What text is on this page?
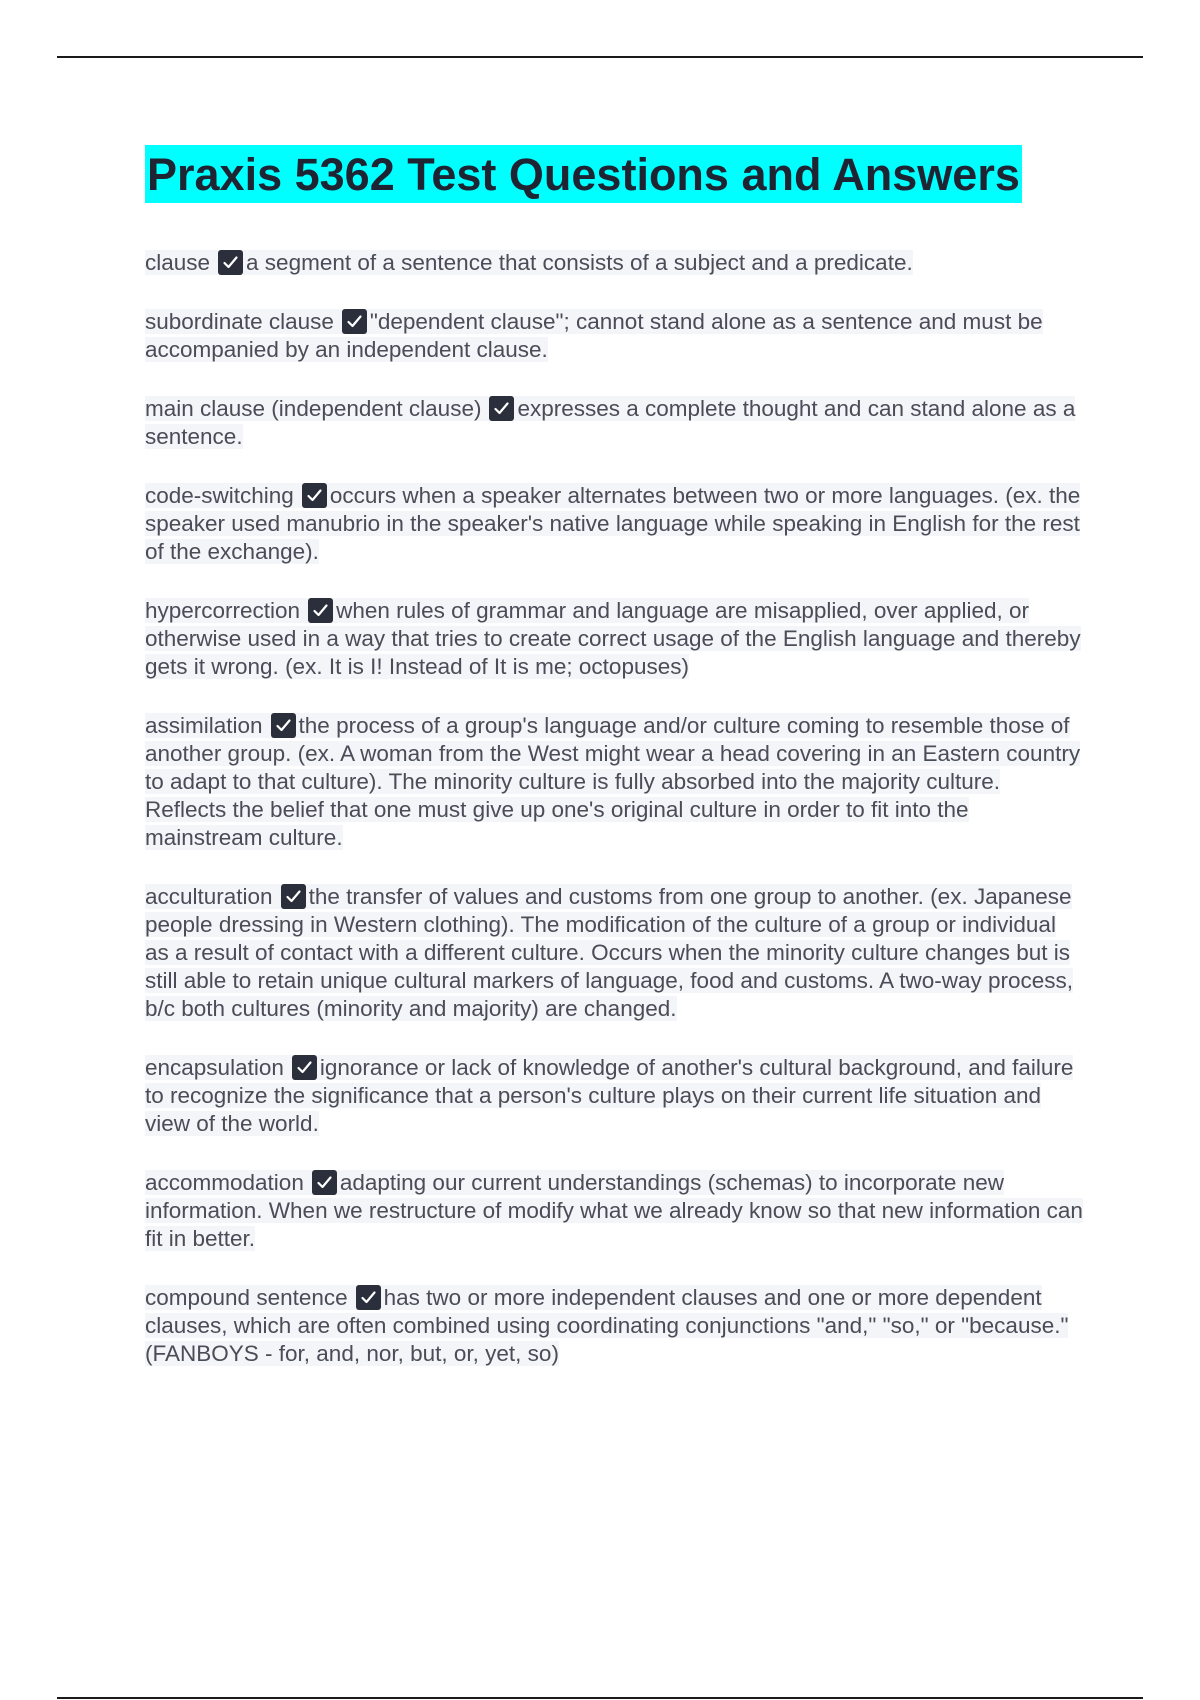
Praxis 5362 Test Questions and Answers

clause a segment of a sentence that consists of a subject and a predicate.

subordinate clause "dependent clause"; cannot stand alone as a sentence and must be accompanied by an independent clause.

main clause (independent clause) expresses a complete thought and can stand alone as a sentence.

code-switching occurs when a speaker alternates between two or more languages. (ex. the speaker used manubrio in the speaker's native language while speaking in English for the rest of the exchange).

hypercorrection when rules of grammar and language are misapplied, over applied, or otherwise used in a way that tries to create correct usage of the English language and thereby gets it wrong. (ex. It is I! Instead of It is me; octopuses)

assimilation the process of a group's language and/or culture coming to resemble those of another group. (ex. A woman from the West might wear a head covering in an Eastern country to adapt to that culture). The minority culture is fully absorbed into the majority culture. Reflects the belief that one must give up one's original culture in order to fit into the mainstream culture.

acculturation the transfer of values and customs from one group to another. (ex. Japanese people dressing in Western clothing). The modification of the culture of a group or individual as a result of contact with a different culture. Occurs when the minority culture changes but is still able to retain unique cultural markers of language, food and customs. A two-way process, b/c both cultures (minority and majority) are changed.

encapsulation ignorance or lack of knowledge of another's cultural background, and failure to recognize the significance that a person's culture plays on their current life situation and view of the world.

accommodation adapting our current understandings (schemas) to incorporate new information. When we restructure of modify what we already know so that new information can fit in better.

compound sentence has two or more independent clauses and one or more dependent clauses, which are often combined using coordinating conjunctions "and," "so," or "because." (FANBOYS - for, and, nor, but, or, yet, so)
